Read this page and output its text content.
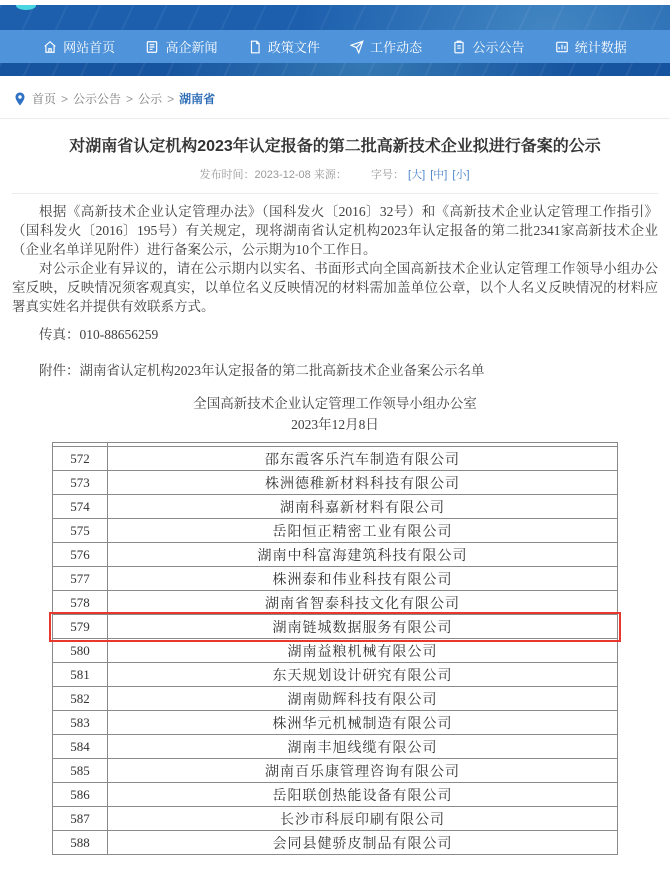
网站首页	高企新闻	政策文件	工作动态	公示公告	统计数据
首页 > 公示公告 > 公示 > 湖南省
对湖南省认定机构2023年认定报备的第二批高新技术企业拟进行备案的公示
发布时间：2023-12-08 来源： 字号： [大] [中] [小]

根据《高新技术企业认定管理办法》（国科发火〔2016〕32号）和《高新技术企业认定管理工作指引》（国科发火〔2016〕195号）有关规定，现将湖南省认定机构2023年认定报备的第二批2341家高新技术企业（企业名单详见附件）进行备案公示，公示期为10个工作日。

对公示企业有异议的，请在公示期内以实名、书面形式向全国高新技术企业认定管理工作领导小组办公室反映，反映情况须客观真实，以单位名义反映情况的材料需加盖单位公章，以个人名义反映情况的材料应署真实姓名并提供有效联系方式。

传真：010-88656259
附件：湖南省认定机构2023年认定报备的第二批高新技术企业备案公示名单
全国高新技术企业认定管理工作领导小组办公室
2023年12月8日
572	邵东霞客乐汽车制造有限公司
573	株洲德稚新材料科技有限公司
574	湖南科嘉新材料有限公司
575	岳阳恒正精密工业有限公司
576	湖南中科富海建筑科技有限公司
577	株洲泰和伟业科技有限公司
578	湖南省智泰科技文化有限公司
579	湖南链城数据服务有限公司
580	湖南益粮机械有限公司
581	东天规划设计研究有限公司
582	湖南勋辉科技有限公司
583	株洲华元机械制造有限公司
584	湖南丰旭线缆有限公司
585	湖南百乐康管理咨询有限公司
586	岳阳联创热能设备有限公司
587	长沙市科辰印刷有限公司
588	会同县健骄皮制品有限公司
